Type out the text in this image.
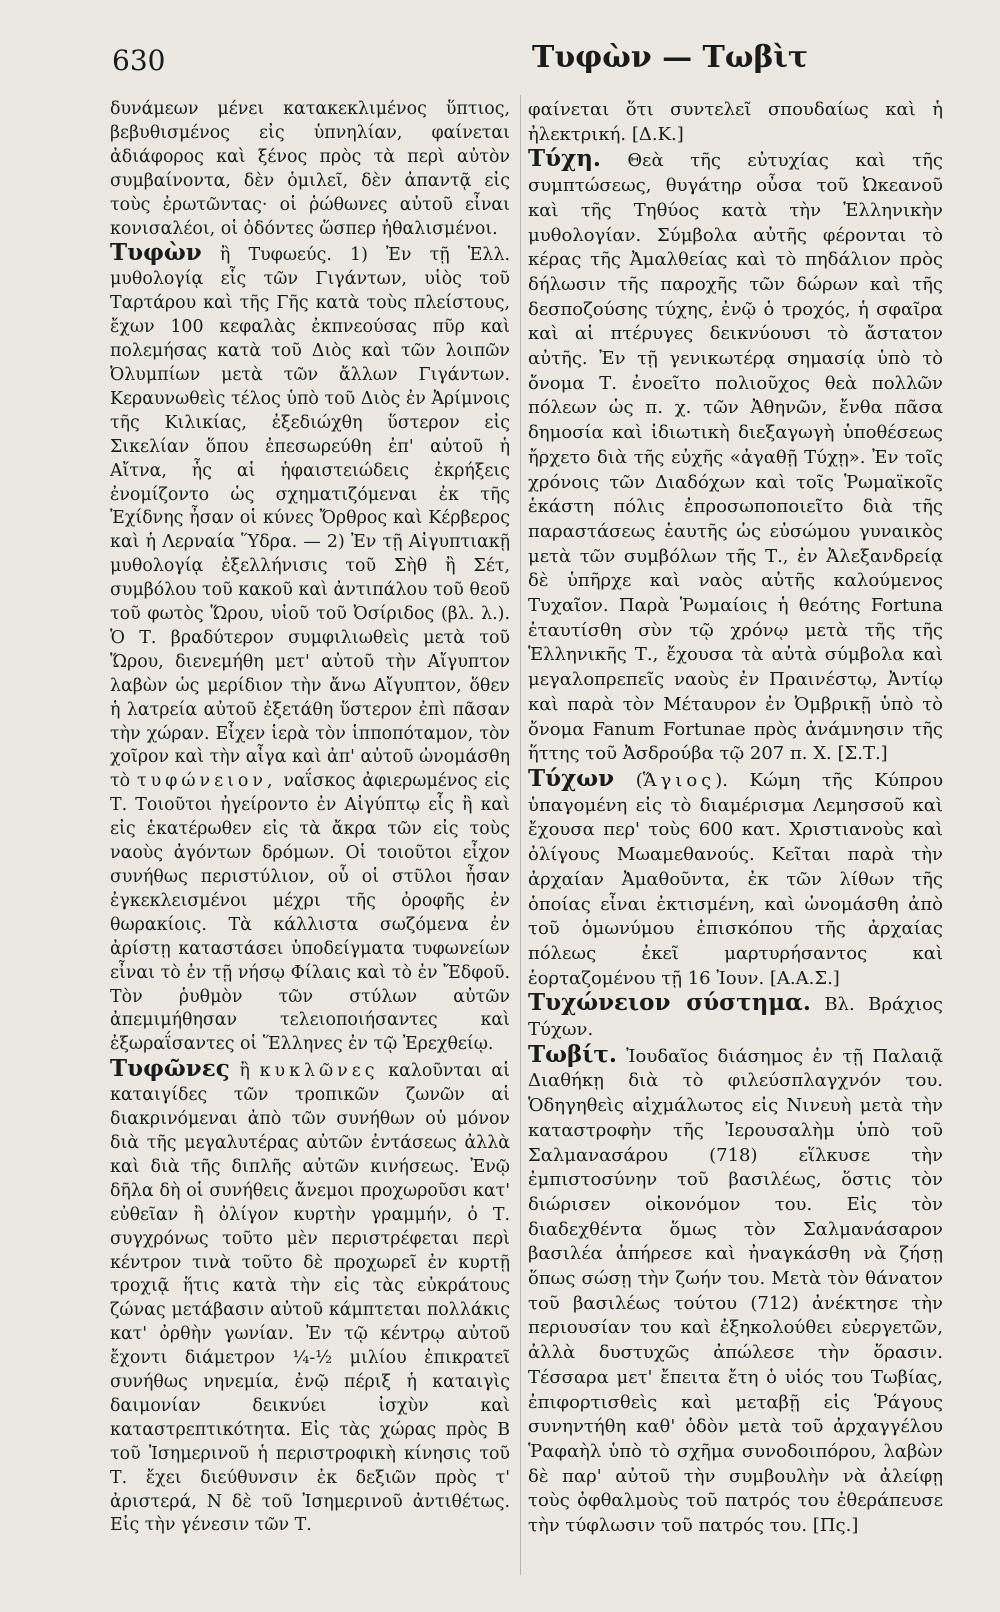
630	Τυφὼν — Τωβὶτ

δυνάμεων μένει κατακεκλιμένος ὕπτιος, βεβυθισμένος εἰς ὑπνηλίαν, φαίνεται ἀδιάφορος καὶ ξένος πρὸς τὰ περὶ αὐτὸν συμβαίνοντα, δὲν ὁμιλεῖ, δὲν ἀπαντᾷ εἰς τοὺς ἐρωτῶντας· οἱ ῥώθωνες αὐτοῦ εἶναι κονισαλέοι, οἱ ὀδόντες ὥσπερ ἠθαλισμένοι.

Τυφὼν ἢ Τυφωεύς. 1) Ἐν τῇ Ἑλλ. μυθολογίᾳ εἷς τῶν Γιγάντων, υἱὸς τοῦ Ταρτάρου καὶ τῆς Γῆς κατὰ τοὺς πλείστους, ἔχων 100 κεφαλὰς ἐκπνεούσας πῦρ καὶ πολεμήσας κατὰ τοῦ Διὸς καὶ τῶν λοιπῶν Ὀλυμπίων μετὰ τῶν ἄλλων Γιγάντων. Κεραυνωθεὶς τέλος ὑπὸ τοῦ Διὸς ἐν Ἀρίμνοις τῆς Κιλικίας, ἐξεδιώχθη ὕστερον εἰς Σικελίαν ὅπου ἐπεσωρεύθη ἐπ' αὐτοῦ ἡ Αἴτνα, ἧς αἱ ἡφαιστειώδεις ἐκρήξεις ἐνομίζοντο ὡς σχηματιζόμεναι ἐκ τῆς Ἐχίδνης ἦσαν οἱ κύνες Ὄρθρος καὶ Κέρβερος καὶ ἡ Λερναία Ὕδρα. — 2) Ἐν τῇ Αἰγυπτιακῇ μυθολογίᾳ ἐξελλήνισις τοῦ Σὴθ ἢ Σέτ, συμβόλου τοῦ κακοῦ καὶ ἀντιπάλου τοῦ θεοῦ τοῦ φωτὸς Ὥρου, υἱοῦ τοῦ Ὀσίριδος (βλ. λ.). Ὁ Τ. βραδύτερον συμφιλιωθεὶς μετὰ τοῦ Ὥρου, διενεμήθη μετ' αὐτοῦ τὴν Αἴγυπτον λαβὼν ὡς μερίδιον τὴν ἄνω Αἴγυπτον, ὅθεν ἡ λατρεία αὐτοῦ ἐξετάθη ὕστερον ἐπὶ πᾶσαν τὴν χώραν. Εἶχεν ἱερὰ τὸν ἱπποπόταμον, τὸν χοῖρον καὶ τὴν αἶγα καὶ ἀπ' αὐτοῦ ὠνομάσθη τὸ τυφώνειον, ναΐσκος ἀφιερωμένος εἰς Τ. Τοιοῦτοι ἠγείροντο ἐν Αἰγύπτῳ εἷς ἢ καὶ εἰς ἑκατέρωθεν εἰς τὰ ἄκρα τῶν εἰς τοὺς ναοὺς ἀγόντων δρόμων. Οἱ τοιοῦτοι εἶχον συνήθως περιστύλιον, οὗ οἱ στῦλοι ἦσαν ἐγκεκλεισμένοι μέχρι τῆς ὀροφῆς ἐν θωρακίοις. Τὰ κάλλιστα σωζόμενα ἐν ἀρίστῃ καταστάσει ὑποδείγματα τυφωνείων εἶναι τὸ ἐν τῇ νήσῳ Φίλαις καὶ τὸ ἐν Ἔδφοῦ. Τὸν ῥυθμὸν τῶν στύλων αὐτῶν ἀπεμιμήθησαν τελειοποιήσαντες καὶ ἐξωραΐσαντες οἱ Ἕλληνες ἐν τῷ Ἐρεχθείῳ.

Τυφῶνες ἢ κυκλῶνες καλοῦνται αἱ καταιγίδες τῶν τροπικῶν ζωνῶν αἱ διακρινόμεναι ἀπὸ τῶν συνήθων οὐ μόνον διὰ τῆς μεγαλυτέρας αὐτῶν ἐντάσεως ἀλλὰ καὶ διὰ τῆς διπλῆς αὐτῶν κινήσεως. Ἐνῷ δῆλα δὴ οἱ συνήθεις ἄνεμοι προχωροῦσι κατ' εὐθεῖαν ἢ ὀλίγον κυρτὴν γραμμήν, ὁ Τ. συγχρόνως τοῦτο μὲν περιστρέφεται περὶ κέντρον τινὰ τοῦτο δὲ προχωρεῖ ἐν κυρτῇ τροχιᾷ ἥτις κατὰ τὴν εἰς τὰς εὐκράτους ζώνας μετάβασιν αὐτοῦ κάμπτεται πολλάκις κατ' ὀρθὴν γωνίαν. Ἐν τῷ κέντρῳ αὐτοῦ ἔχοντι διάμετρον ¼-½ μιλίου ἐπικρατεῖ συνήθως νηνεμία, ἐνῷ πέριξ ἡ καταιγὶς δαιμονίαν δεικνύει ἰσχὺν καὶ καταστρεπτικότητα. Εἰς τὰς χώρας πρὸς Β τοῦ Ἰσημερινοῦ ἡ περιστροφικὴ κίνησις τοῦ Τ. ἔχει διεύθυνσιν ἐκ δεξιῶν πρὸς τ' ἀριστερά, Ν δὲ τοῦ Ἰσημερινοῦ ἀντιθέτως. Εἰς τὴν γένεσιν τῶν Τ.

φαίνεται ὅτι συντελεῖ σπουδαίως καὶ ἡ ἠλεκτρική. [Δ.Κ.]

Τύχη. Θεὰ τῆς εὐτυχίας καὶ τῆς συμπτώσεως, θυγάτηρ οὖσα τοῦ Ὠκεανοῦ καὶ τῆς Τηθύος κατὰ τὴν Ἑλληνικὴν μυθολογίαν. Σύμβολα αὐτῆς φέρονται τὸ κέρας τῆς Ἀμαλθείας καὶ τὸ πηδάλιον πρὸς δήλωσιν τῆς παροχῆς τῶν δώρων καὶ τῆς δεσποζούσης τύχης, ἐνῷ ὁ τροχός, ἡ σφαῖρα καὶ αἱ πτέρυγες δεικνύουσι τὸ ἄστατον αὐτῆς. Ἐν τῇ γενικωτέρᾳ σημασίᾳ ὑπὸ τὸ ὄνομα Τ. ἐνοεῖτο πολιοῦχος θεὰ πολλῶν πόλεων ὡς π. χ. τῶν Ἀθηνῶν, ἔνθα πᾶσα δημοσία καὶ ἰδιωτικὴ διεξαγωγὴ ὑποθέσεως ἤρχετο διὰ τῆς εὐχῆς «ἀγαθῇ Τύχῃ». Ἐν τοῖς χρόνοις τῶν Διαδόχων καὶ τοῖς Ῥωμαϊκοῖς ἑκάστη πόλις ἐπροσωποποιεῖτο διὰ τῆς παραστάσεως ἑαυτῆς ὡς εὐσώμου γυναικὸς μετὰ τῶν συμβόλων τῆς Τ., ἐν Ἀλεξανδρείᾳ δὲ ὑπῆρχε καὶ ναὸς αὐτῆς καλούμενος Τυχαῖον. Παρὰ Ῥωμαίοις ἡ θεότης Fortuna ἐταυτίσθη σὺν τῷ χρόνῳ μετὰ τῆς τῆς Ἑλληνικῆς Τ., ἔχουσα τὰ αὐτὰ σύμβολα καὶ μεγαλοπρεπεῖς ναοὺς ἐν Πραινέστῳ, Ἀντίῳ καὶ παρὰ τὸν Μέταυρον ἐν Ὀμβρικῇ ὑπὸ τὸ ὄνομα Fanum Fortunae πρὸς ἀνάμνησιν τῆς ἥττης τοῦ Ἀσδρούβα τῷ 207 π. Χ. [Σ.Τ.]

Τύχων (Ἅγιος). Κώμη τῆς Κύπρου ὑπαγομένη εἰς τὸ διαμέρισμα Λεμησσοῦ καὶ ἔχουσα περ' τοὺς 600 κατ. Χριστιανοὺς καὶ ὀλίγους Μωαμεθανούς. Κεῖται παρὰ τὴν ἀρχαίαν Ἀμαθοῦντα, ἐκ τῶν λίθων τῆς ὁποίας εἶναι ἐκτισμένη, καὶ ὠνομάσθη ἀπὸ τοῦ ὁμωνύμου ἐπισκόπου τῆς ἀρχαίας πόλεως ἐκεῖ μαρτυρήσαντος καὶ ἑορταζομένου τῇ 16 Ἰουν. [Α.Α.Σ.]

Τυχώνειον σύστημα. Βλ. Βράχιος Τύχων.

Τωβίτ. Ἰουδαῖος διάσημος ἐν τῇ Παλαιᾷ Διαθήκῃ διὰ τὸ φιλεύσπλαγχνόν του. Ὁδηγηθεὶς αἰχμάλωτος εἰς Νινευὴ μετὰ τὴν καταστροφὴν τῆς Ἰερουσαλὴμ ὑπὸ τοῦ Σαλμανασάρου (718) εἵλκυσε τὴν ἐμπιστοσύνην τοῦ βασιλέως, ὅστις τὸν διώρισεν οἰκονόμον του. Εἰς τὸν διαδεχθέντα ὅμως τὸν Σαλμανάσαρον βασιλέα ἀπήρεσε καὶ ἠναγκάσθη νὰ ζήσῃ ὅπως σώσῃ τὴν ζωήν του. Μετὰ τὸν θάνατον τοῦ βασιλέως τούτου (712) ἀνέκτησε τὴν περιουσίαν του καὶ ἐξηκολούθει εὐεργετῶν, ἀλλὰ δυστυχῶς ἀπώλεσε τὴν ὅρασιν. Τέσσαρα μετ' ἔπειτα ἔτη ὁ υἱός του Τωβίας, ἐπιφορτισθεὶς καὶ μεταβῇ εἰς Ῥάγους συνηντήθη καθ' ὁδὸν μετὰ τοῦ ἀρχαγγέλου Ῥαφαὴλ ὑπὸ τὸ σχῆμα συνοδοιπόρου, λαβὼν δὲ παρ' αὐτοῦ τὴν συμβουλὴν νὰ ἀλείφῃ τοὺς ὀφθαλμοὺς τοῦ πατρός του ἐθεράπευσε τὴν τύφλωσιν τοῦ πατρός του. [Πς.]
